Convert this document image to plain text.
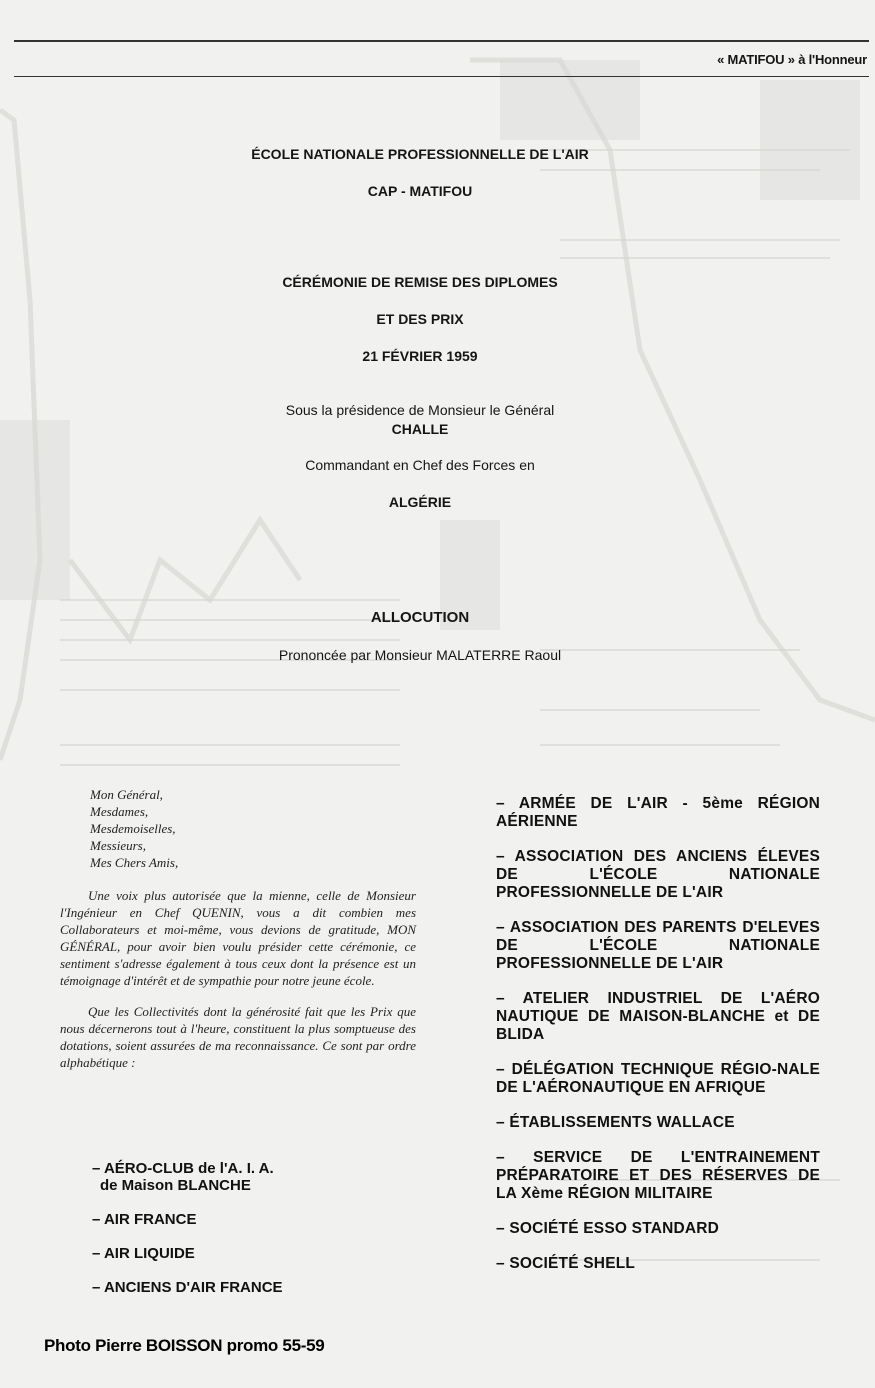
« MATIFOU » à l'Honneur
ÉCOLE NATIONALE PROFESSIONNELLE DE L'AIR
CAP - MATIFOU
CÉRÉMONIE DE REMISE DES DIPLOMES
ET DES PRIX
21 FÉVRIER 1959
Sous la présidence de Monsieur le Général
CHALLE
Commandant en Chef des Forces en
ALGÉRIE
ALLOCUTION
Prononcée par Monsieur MALATERRE Raoul
Mon Général,
Mesdames,
Mesdemoiselles,
Messieurs,
Mes Chers Amis,

Une voix plus autorisée que la mienne, celle de Monsieur l'Ingénieur en Chef QUENIN, vous a dit combien mes Collaborateurs et moi-même, vous devions de gratitude, MON GÉNÉRAL, pour avoir bien voulu présider cette cérémonie, ce sentiment s'adresse également à tous ceux dont la présence est un témoignage d'intérêt et de sympathie pour notre jeune école.

Que les Collectivités dont la générosité fait que les Prix que nous décernerons tout à l'heure, constituent la plus somptueuse des dotations, soient assurées de ma reconnaissance. Ce sont par ordre alphabétique :

– AÉRO-CLUB de l'A. I. A.
de Maison BLANCHE
– AIR FRANCE
– AIR LIQUIDE
– ANCIENS D'AIR FRANCE
– ARMÉE DE L'AIR - 5ème RÉGION AÉRIENNE
– ASSOCIATION DES ANCIENS ÉLEVES DE L'ÉCOLE NATIONALE PROFESSIONNELLE DE L'AIR
– ASSOCIATION DES PARENTS D'ELEVES DE L'ÉCOLE NATIONALE PROFESSIONNELLE DE L'AIR
– ATELIER INDUSTRIEL DE L'AÉRO NAUTIQUE DE MAISON-BLANCHE et DE BLIDA
– DÉLÉGATION TECHNIQUE RÉGIO-NALE DE L'AÉRONAUTIQUE EN AFRIQUE
– ÉTABLISSEMENTS WALLACE
– SERVICE DE L'ENTRAINEMENT PRÉPARATOIRE ET DES RÉSERVES DE LA Xème RÉGION MILITAIRE
– SOCIÉTÉ ESSO STANDARD
– SOCIÉTÉ SHELL
Photo Pierre BOISSON promo 55-59
